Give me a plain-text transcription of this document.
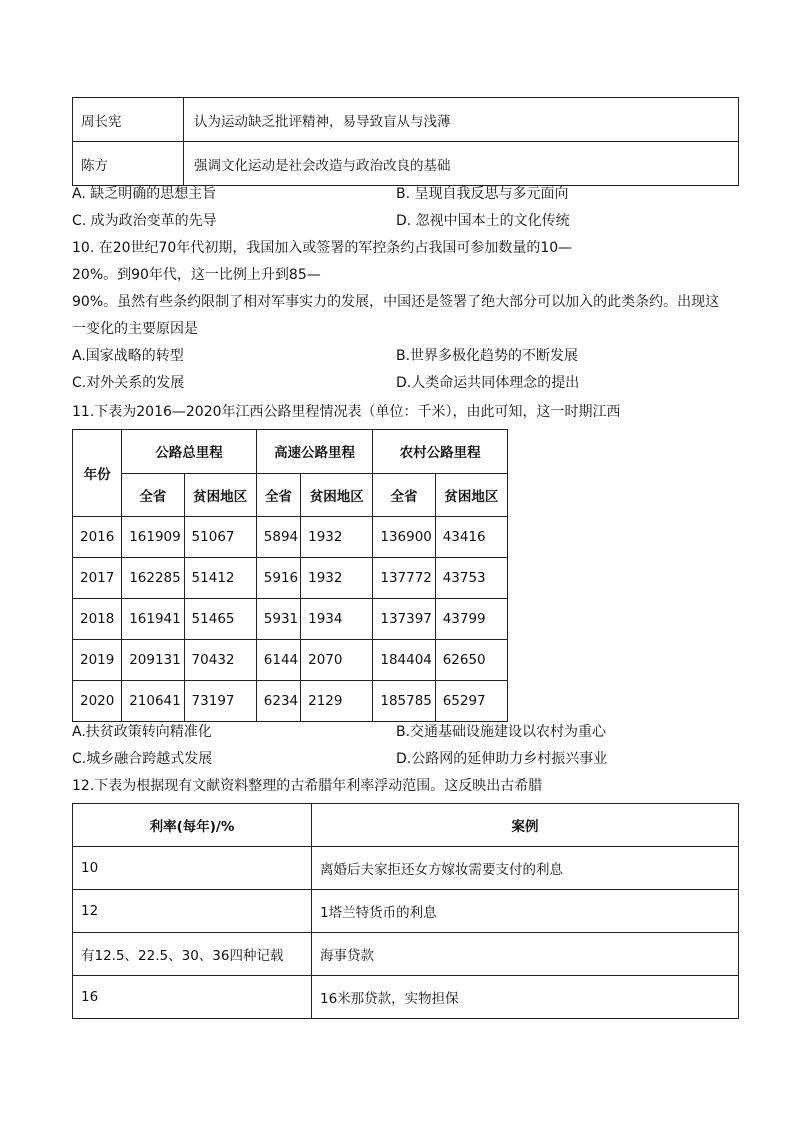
周长宪	认为运动缺乏批评精神，易导致盲从与浅薄
陈方	强调文化运动是社会改造与政治改良的基础
A. 缺乏明确的思想主旨	B. 呈现自我反思与多元面向
C. 成为政治变革的先导	D. 忽视中国本土的文化传统
10. 在20世纪70年代初期，我国加入或签署的军控条约占我国可参加数量的10—
20%。到90年代，这一比例上升到85—
90%。虽然有些条约限制了相对军事实力的发展，中国还是签署了绝大部分可以加入的此类条约。出现这
一变化的主要原因是
A.国家战略的转型	B.世界多极化趋势的不断发展
C.对外关系的发展	D.人类命运共同体理念的提出
11.下表为2016—2020年江西公路里程情况表（单位：千米），由此可知，这一时期江西
年份	公路总里程		高速公路里程		农村公路里程	
	全省	贫困地区	全省	贫困地区	全省	贫困地区
2016	161909	51067	5894	1932	136900	43416
2017	162285	51412	5916	1932	137772	43753
2018	161941	51465	5931	1934	137397	43799
2019	209131	70432	6144	2070	184404	62650
2020	210641	73197	6234	2129	185785	65297
A.扶贫政策转向精准化	B.交通基础设施建设以农村为重心
C.城乡融合跨越式发展	D.公路网的延伸助力乡村振兴事业
12.下表为根据现有文献资料整理的古希腊年利率浮动范围。这反映出古希腊
利率(每年)/%	案例
10	离婚后夫家拒还女方嫁妆需要支付的利息
12	1塔兰特货币的利息
有12.5、22.5、30、36四种记载	海事贷款
16	16米那贷款，实物担保
